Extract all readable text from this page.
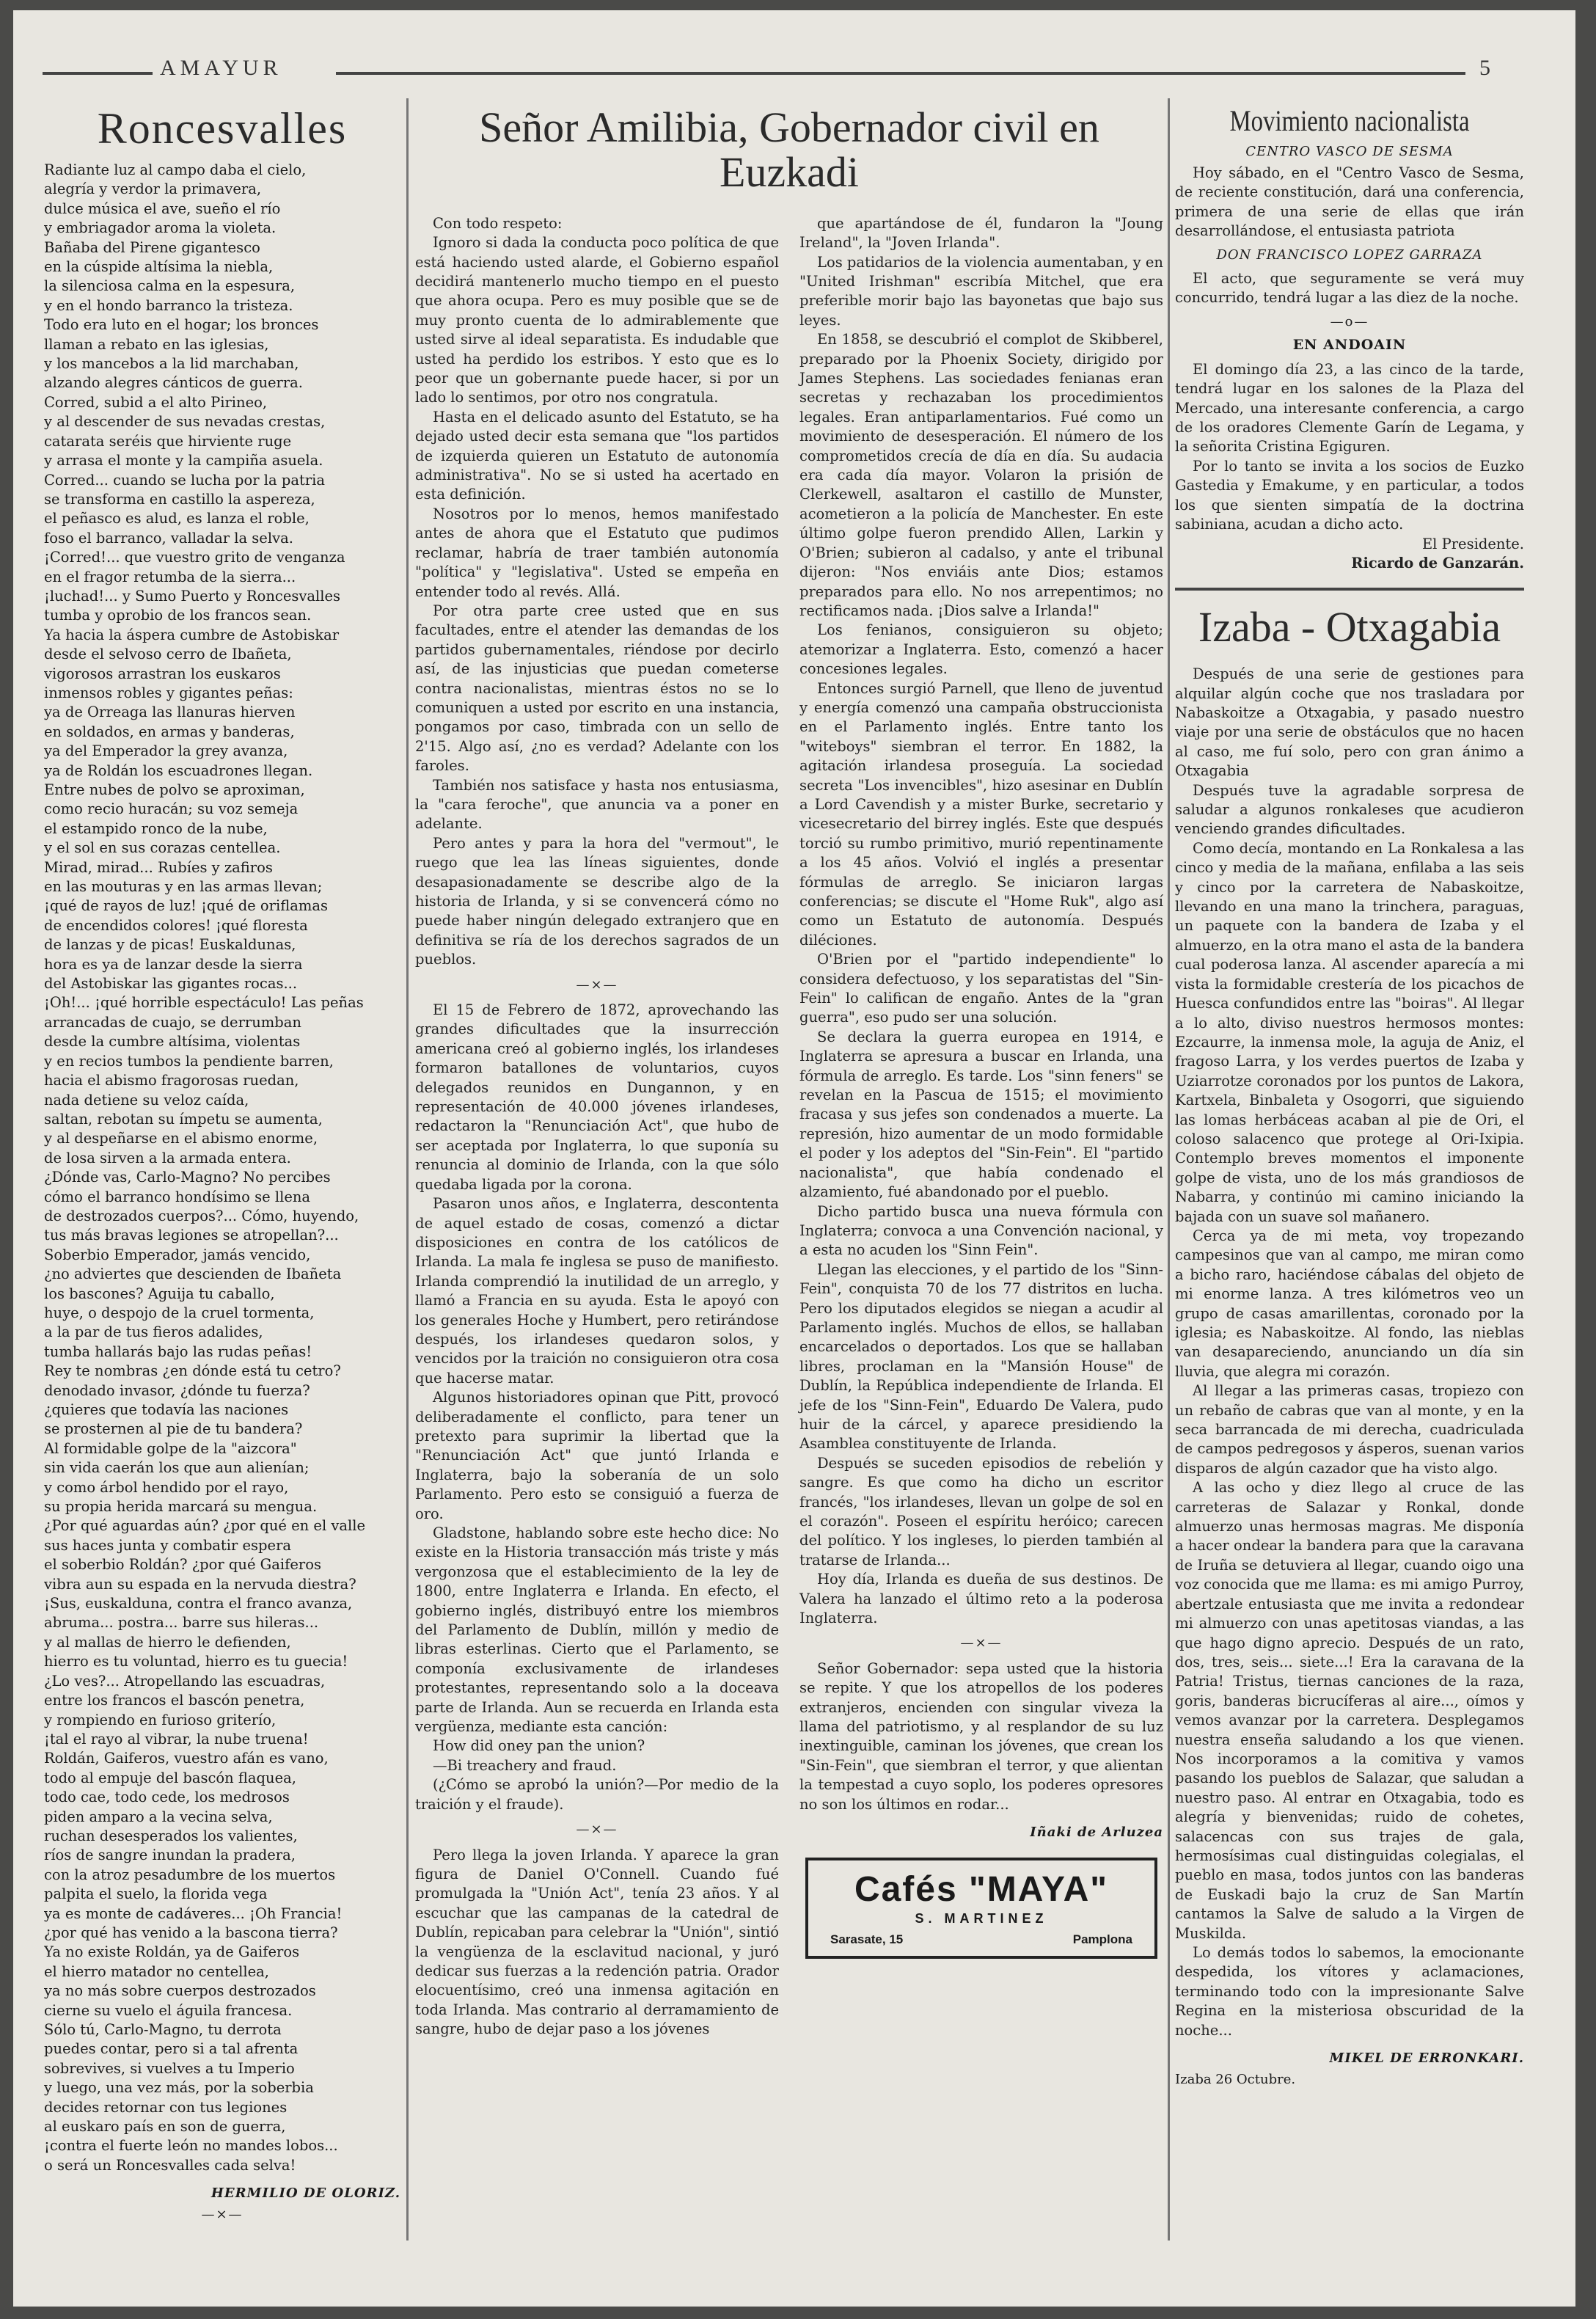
AMAYUR	5
Roncesvalles
Radiante luz al campo daba el cielo,
alegría y verdor la primavera,
dulce música el ave, sueño el río
y embriagador aroma la violeta.
Bañaba del Pirene gigantesco
en la cúspide altísima la niebla,
la silenciosa calma en la espesura,
y en el hondo barranco la tristeza.
Todo era luto en el hogar; los bronces
llaman a rebato en las iglesias,
y los mancebos a la lid marchaban,
alzando alegres cánticos de guerra.
Corred, subid a el alto Pirineo,
y al descender de sus nevadas crestas,
catarata seréis que hirviente ruge
y arrasa el monte y la campiña asuela.
Corred... cuando se lucha por la patria
se transforma en castillo la aspereza,
el peñasco es alud, es lanza el roble,
foso el barranco, valladar la selva.
¡Corred!... que vuestro grito de venganza
en el fragor retumba de la sierra...
¡luchad!... y Sumo Puerto y Roncesvalles
tumba y oprobio de los francos sean.
Ya hacia la áspera cumbre de Astobiskar
desde el selvoso cerro de Ibañeta,
vigorosos arrastran los euskaros
inmensos robles y gigantes peñas:
ya de Orreaga las llanuras hierven
en soldados, en armas y banderas,
ya del Emperador la grey avanza,
ya de Roldán los escuadrones llegan.
Entre nubes de polvo se aproximan,
como recio huracán; su voz semeja
el estampido ronco de la nube,
y el sol en sus corazas centellea.
Mirad, mirad... Rubíes y zafiros
en las mouturas y en las armas llevan;
¡qué de rayos de luz! ¡qué de oriflamas
de encendidos colores! ¡qué floresta
de lanzas y de picas! Euskaldunas,
hora es ya de lanzar desde la sierra
del Astobiskar las gigantes rocas...
¡Oh!... ¡qué horrible espectáculo! Las peñas
arrancadas de cuajo, se derrumban
desde la cumbre altísima, violentas
y en recios tumbos la pendiente barren,
hacia el abismo fragorosas ruedan,
nada detiene su veloz caída,
saltan, rebotan su ímpetu se aumenta,
y al despeñarse en el abismo enorme,
de losa sirven a la armada entera.
¿Dónde vas, Carlo-Magno? No percibes
cómo el barranco hondísimo se llena
de destrozados cuerpos?... Cómo, huyendo,
tus más bravas legiones se atropellan?...
Soberbio Emperador, jamás vencido,
¿no adviertes que descienden de Ibañeta
los bascones? Aguija tu caballo,
huye, o despojo de la cruel tormenta,
a la par de tus fieros adalides,
tumba hallarás bajo las rudas peñas!
Rey te nombras ¿en dónde está tu cetro?
denodado invasor, ¿dónde tu fuerza?
¿quieres que todavía las naciones
se prosternen al pie de tu bandera?
Al formidable golpe de la "aizcora"
sin vida caerán los que aun alienían;
y como árbol hendido por el rayo,
su propia herida marcará su mengua.
¿Por qué aguardas aún? ¿por qué en el valle
sus haces junta y combatir espera
el soberbio Roldán? ¿por qué Gaiferos
vibra aun su espada en la nervuda diestra?
¡Sus, euskalduna, contra el franco avanza,
abruma... postra... barre sus hileras...
y al mallas de hierro le defienden,
hierro es tu voluntad, hierro es tu guecia!
¿Lo ves?... Atropellando las escuadras,
entre los francos el bascón penetra,
y rompiendo en furioso griterío,
¡tal el rayo al vibrar, la nube truena!
Roldán, Gaiferos, vuestro afán es vano,
todo al empuje del bascón flaquea,
todo cae, todo cede, los medrosos
piden amparo a la vecina selva,
ruchan desesperados los valientes,
ríos de sangre inundan la pradera,
con la atroz pesadumbre de los muertos
palpita el suelo, la florida vega
ya es monte de cadáveres... ¡Oh Francia!
¿por qué has venido a la bascona tierra?
Ya no existe Roldán, ya de Gaiferos
el hierro matador no centellea,
ya no más sobre cuerpos destrozados
cierne su vuelo el águila francesa.
Sólo tú, Carlo-Magno, tu derrota
puedes contar, pero si a tal afrenta
sobrevives, si vuelves a tu Imperio
y luego, una vez más, por la soberbia
decides retornar con tus legiones
al euskaro país en son de guerra,
¡contra el fuerte león no mandes lobos...
o será un Roncesvalles cada selva!
HERMILIO DE OLORIZ.
—×—
Señor Amilibia, Gobernador civil en Euzkadi

Con todo respeto:

Ignoro si dada la conducta poco política de que está haciendo usted alarde, el Gobierno español decidirá mantenerlo mucho tiempo en el puesto que ahora ocupa. Pero es muy posible que se de muy pronto cuenta de lo admirablemente que usted sirve al ideal separatista. Es indudable que usted ha perdido los estribos. Y esto que es lo peor que un gobernante puede hacer, si por un lado lo sentimos, por otro nos congratula.

Hasta en el delicado asunto del Estatuto, se ha dejado usted decir esta semana que "los partidos de izquierda quieren un Estatuto de autonomía administrativa". No se si usted ha acertado en esta definición.

Nosotros por lo menos, hemos manifestado antes de ahora que el Estatuto que pudimos reclamar, habría de traer también autonomía "política" y "legislativa". Usted se empeña en entender todo al revés. Allá.

Por otra parte cree usted que en sus facultades, entre el atender las demandas de los partidos gubernamentales, riéndose por decirlo así, de las injusticias que puedan cometerse contra nacionalistas, mientras éstos no se lo comuniquen a usted por escrito en una instancia, pongamos por caso, timbrada con un sello de 2'15. Algo así, ¿no es verdad? Adelante con los faroles.

También nos satisface y hasta nos entusiasma, la "cara feroche", que anuncia va a poner en adelante.

Pero antes y para la hora del "vermout", le ruego que lea las líneas siguientes, donde desapasionadamente se describe algo de la historia de Irlanda, y si se convencerá cómo no puede haber ningún delegado extranjero que en definitiva se ría de los derechos sagrados de un pueblos.

—×—

El 15 de Febrero de 1872, aprovechando las grandes dificultades que la insurrección americana creó al gobierno inglés, los irlandeses formaron batallones de voluntarios, cuyos delegados reunidos en Dungannon, y en representación de 40.000 jóvenes irlandeses, redactaron la "Renunciación Act", que hubo de ser aceptada por Inglaterra, lo que suponía su renuncia al dominio de Irlanda, con la que sólo quedaba ligada por la corona.

Pasaron unos años, e Inglaterra, descontenta de aquel estado de cosas, comenzó a dictar disposiciones en contra de los católicos de Irlanda. La mala fe inglesa se puso de manifiesto. Irlanda comprendió la inutilidad de un arreglo, y llamó a Francia en su ayuda. Esta le apoyó con los generales Hoche y Humbert, pero retirándose después, los irlandeses quedaron solos, y vencidos por la traición no consiguieron otra cosa que hacerse matar.

Algunos historiadores opinan que Pitt, provocó deliberadamente el conflicto, para tener un pretexto para suprimir la libertad que la "Renunciación Act" que juntó Irlanda e Inglaterra, bajo la soberanía de un solo Parlamento. Pero esto se consiguió a fuerza de oro.

Gladstone, hablando sobre este hecho dice: No existe en la Historia transacción más triste y más vergonzosa que el establecimiento de la ley de 1800, entre Inglaterra e Irlanda. En efecto, el gobierno inglés, distribuyó entre los miembros del Parlamento de Dublín, millón y medio de libras esterlinas. Cierto que el Parlamento, se componía exclusivamente de irlandeses protestantes, representando solo a la doceava parte de Irlanda. Aun se recuerda en Irlanda esta vergüenza, mediante esta canción:

How did oney pan the union?

—Bi treachery and fraud.

(¿Cómo se aprobó la unión?—Por medio de la traición y el fraude).

—×—

Pero llega la joven Irlanda. Y aparece la gran figura de Daniel O'Connell. Cuando fué promulgada la "Unión Act", tenía 23 años. Y al escuchar que las campanas de la catedral de Dublín, repicaban para celebrar la "Unión", sintió la vengüenza de la esclavitud nacional, y juró dedicar sus fuerzas a la redención patria. Orador elocuentísimo, creó una inmensa agitación en toda Irlanda. Mas contrario al derramamiento de sangre, hubo de dejar paso a los jóvenes

que apartándose de él, fundaron la "Joung Ireland", la "Joven Irlanda".

Los patidarios de la violencia aumentaban, y en "United Irishman" escribía Mitchel, que era preferible morir bajo las bayonetas que bajo sus leyes.

En 1858, se descubrió el complot de Skibberel, preparado por la Phoenix Society, dirigido por James Stephens. Las sociedades fenianas eran secretas y rechazaban los procedimientos legales. Eran antiparlamentarios. Fué como un movimiento de desesperación. El número de los comprometidos crecía de día en día. Su audacia era cada día mayor. Volaron la prisión de Clerkewell, asaltaron el castillo de Munster, acometieron a la policía de Manchester. En este último golpe fueron prendido Allen, Larkin y O'Brien; subieron al cadalso, y ante el tribunal dijeron: "Nos enviáis ante Dios; estamos preparados para ello. No nos arrepentimos; no rectificamos nada. ¡Dios salve a Irlanda!"

Los fenianos, consiguieron su objeto; atemorizar a Inglaterra. Esto, comenzó a hacer concesiones legales.

Entonces surgió Parnell, que lleno de juventud y energía comenzó una campaña obstruccionista en el Parlamento inglés. Entre tanto los "witeboys" siembran el terror. En 1882, la agitación irlandesa proseguía. La sociedad secreta "Los invencibles", hizo asesinar en Dublín a Lord Cavendish y a mister Burke, secretario y vicesecretario del birrey inglés. Este que después torció su rumbo primitivo, murió repentinamente a los 45 años. Volvió el inglés a presentar fórmulas de arreglo. Se iniciaron largas conferencias; se discute el "Home Ruk", algo así como un Estatuto de autonomía. Después diléciones.

O'Brien por el "partido independiente" lo considera defectuoso, y los separatistas del "Sin-Fein" lo califican de engaño. Antes de la "gran guerra", eso pudo ser una solución.

Se declara la guerra europea en 1914, e Inglaterra se apresura a buscar en Irlanda, una fórmula de arreglo. Es tarde. Los "sinn feners" se revelan en la Pascua de 1515; el movimiento fracasa y sus jefes son condenados a muerte. La represión, hizo aumentar de un modo formidable el poder y los adeptos del "Sin-Fein". El "partido nacionalista", que había condenado el alzamiento, fué abandonado por el pueblo.

Dicho partido busca una nueva fórmula con Inglaterra; convoca a una Convención nacional, y a esta no acuden los "Sinn Fein".

Llegan las elecciones, y el partido de los "Sinn-Fein", conquista 70 de los 77 distritos en lucha. Pero los diputados elegidos se niegan a acudir al Parlamento inglés. Muchos de ellos, se hallaban encarcelados o deportados. Los que se hallaban libres, proclaman en la "Mansión House" de Dublín, la República independiente de Irlanda. El jefe de los "Sinn-Fein", Eduardo De Valera, pudo huir de la cárcel, y aparece presidiendo la Asamblea constituyente de Irlanda.

Después se suceden episodios de rebelión y sangre. Es que como ha dicho un escritor francés, "los irlandeses, llevan un golpe de sol en el corazón". Poseen el espíritu heróico; carecen del político. Y los ingleses, lo pierden también al tratarse de Irlanda...

Hoy día, Irlanda es dueña de sus destinos. De Valera ha lanzado el último reto a la poderosa Inglaterra.

—×—

Señor Gobernador: sepa usted que la historia se repite. Y que los atropellos de los poderes extranjeros, encienden con singular viveza la llama del patriotismo, y al resplandor de su luz inextinguible, caminan los jóvenes, que crean los "Sin-Fein", que siembran el terror, y que alientan la tempestad a cuyo soplo, los poderes opresores no son los últimos en rodar...

Iñaki de Arluzea
Cafés "MAYA"
S. MARTINEZ
Sarasate, 15	Pamplona
Movimiento nacionalista
CENTRO VASCO DE SESMA

Hoy sábado, en el "Centro Vasco de Sesma, de reciente constitución, dará una conferencia, primera de una serie de ellas que irán desarrollándose, el entusiasta patriota

DON FRANCISCO LOPEZ GARRAZA

El acto, que seguramente se verá muy concurrido, tendrá lugar a las diez de la noche.

—o—
EN ANDOAIN

El domingo día 23, a las cinco de la tarde, tendrá lugar en los salones de la Plaza del Mercado, una interesante conferencia, a cargo de los oradores Clemente Garín de Legama, y la señorita Cristina Egiguren.

Por lo tanto se invita a los socios de Euzko Gastedia y Emakume, y en particular, a todos los que sienten simpatía de la doctrina sabiniana, acudan a dicho acto.

El Presidente.
Ricardo de Ganzarán.
Izaba - Otxagabia

Después de una serie de gestiones para alquilar algún coche que nos trasladara por Nabaskoitze a Otxagabia, y pasado nuestro viaje por una serie de obstáculos que no hacen al caso, me fuí solo, pero con gran ánimo a Otxagabia

Después tuve la agradable sorpresa de saludar a algunos ronkaleses que acudieron venciendo grandes dificultades.

Como decía, montando en La Ronkalesa a las cinco y media de la mañana, enfilaba a las seis y cinco por la carretera de Nabaskoitze, llevando en una mano la trinchera, paraguas, un paquete con la bandera de Izaba y el almuerzo, en la otra mano el asta de la bandera cual poderosa lanza. Al ascender aparecía a mi vista la formidable crestería de los picachos de Huesca confundidos entre las "boiras". Al llegar a lo alto, diviso nuestros hermosos montes: Ezcaurre, la inmensa mole, la aguja de Aniz, el fragoso Larra, y los verdes puertos de Izaba y Uziarrotze coronados por los puntos de Lakora, Kartxela, Binbaleta y Osogorri, que siguiendo las lomas herbáceas acaban al pie de Ori, el coloso salacenco que protege al Ori-Ixipia. Contemplo breves momentos el imponente golpe de vista, uno de los más grandiosos de Nabarra, y continúo mi camino iniciando la bajada con un suave sol mañanero.

Cerca ya de mi meta, voy tropezando campesinos que van al campo, me miran como a bicho raro, haciéndose cábalas del objeto de mi enorme lanza. A tres kilómetros veo un grupo de casas amarillentas, coronado por la iglesia; es Nabaskoitze. Al fondo, las nieblas van desapareciendo, anunciando un día sin lluvia, que alegra mi corazón.

Al llegar a las primeras casas, tropiezo con un rebaño de cabras que van al monte, y en la seca barrancada de mi derecha, cuadriculada de campos pedregosos y ásperos, suenan varios disparos de algún cazador que ha visto algo.

A las ocho y diez llego al cruce de las carreteras de Salazar y Ronkal, donde almuerzo unas hermosas magras. Me disponía a hacer ondear la bandera para que la caravana de Iruña se detuviera al llegar, cuando oigo una voz conocida que me llama: es mi amigo Purroy, abertzale entusiasta que me invita a redondear mi almuerzo con unas apetitosas viandas, a las que hago digno aprecio. Después de un rato, dos, tres, seis... siete...! Era la caravana de la Patria! Tristus, tiernas canciones de la raza, goris, banderas bicrucíferas al aire..., oímos y vemos avanzar por la carretera. Desplegamos nuestra enseña saludando a los que vienen. Nos incorporamos a la comitiva y vamos pasando los pueblos de Salazar, que saludan a nuestro paso. Al entrar en Otxagabia, todo es alegría y bienvenidas; ruido de cohetes, salacencas con sus trajes de gala, hermosísimas cual distinguidas colegialas, el pueblo en masa, todos juntos con las banderas de Euskadi bajo la cruz de San Martín cantamos la Salve de saludo a la Virgen de Muskilda.

Lo demás todos lo sabemos, la emocionante despedida, los vítores y aclamaciones, terminando todo con la impresionante Salve Regina en la misteriosa obscuridad de la noche...

MIKEL DE ERRONKARI.
Izaba 26 Octubre.
